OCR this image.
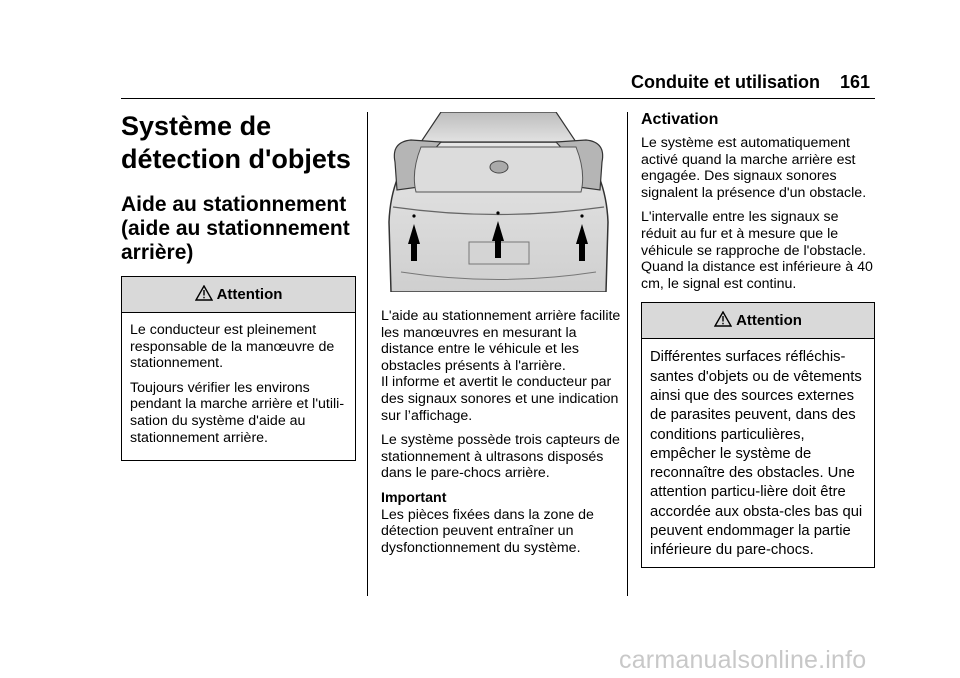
Conduite et utilisation 161
Système de détection d'objets
Aide au stationnement (aide au stationnement arrière)
Attention

Le conducteur est pleinement responsable de la manœuvre de stationnement.

Toujours vérifier les environs pendant la marche arrière et l'utili-sation du système d'aide au stationnement arrière.

L'aide au stationnement arrière facilite les manœuvres en mesurant la distance entre le véhicule et les obstacles présents à l'arrière.
Il informe et avertit le conducteur par des signaux sonores et une indication sur l’affichage.
Le système possède trois capteurs de stationnement à ultrasons disposés dans le pare-chocs arrière.
Important
Les pièces fixées dans la zone de détection peuvent entraîner un dysfonctionnement du système.
Activation

Le système est automatiquement activé quand la marche arrière est engagée. Des signaux sonores signalent la présence d'un obstacle.

L'intervalle entre les signaux se réduit au fur et à mesure que le véhicule se rapproche de l'obstacle. Quand la distance est inférieure à 40 cm, le signal est continu.

Attention
Différentes surfaces réfléchis-santes d'objets ou de vêtements ainsi que des sources externes de parasites peuvent, dans des conditions particulières, empêcher le système de reconnaître des obstacles. Une attention particu-lière doit être accordée aux obsta-cles bas qui peuvent endommager la partie inférieure du pare-chocs.
carmanualsonline.info
